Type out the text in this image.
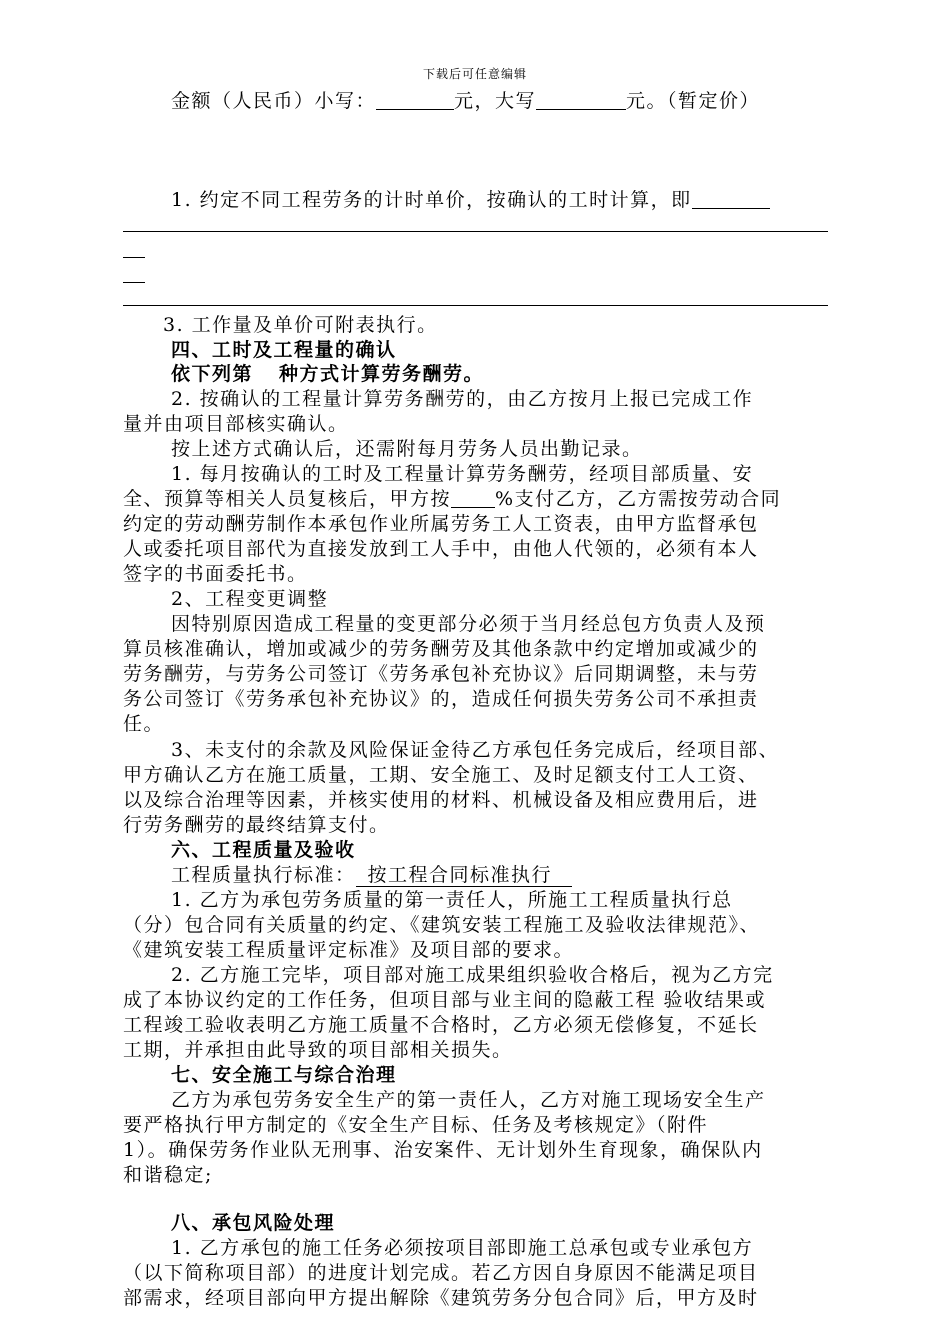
下载后可任意编辑
金额（人民币）小写：	元，大写	元。（暂定价）
1. 约定不同工程劳务的计时单价，按确认的工时计算，即
3. 工作量及单价可附表执行。
四、工时及工程量的确认
依下列第 种方式计算劳务酬劳。
2. 按确认的工程量计算劳务酬劳的，由乙方按月上报已完成工作
量并由项目部核实确认。
按上述方式确认后，还需附每月劳务人员出勤记录。
1. 每月按确认的工时及工程量计算劳务酬劳，经项目部质量、安
全、预算等相关人员复核后，甲方按 %支付乙方，乙方需按劳动合同
约定的劳动酬劳制作本承包作业所属劳务工人工资表，由甲方监督承包
人或委托项目部代为直接发放到工人手中，由他人代领的，必须有本人
签字的书面委托书。
2、工程变更调整
因特别原因造成工程量的变更部分必须于当月经总包方负责人及预
算员核准确认，增加或减少的劳务酬劳及其他条款中约定增加或减少的
劳务酬劳，与劳务公司签订《劳务承包补充协议》后同期调整，未与劳
务公司签订《劳务承包补充协议》的，造成任何损失劳务公司不承担责
任。
3、未支付的余款及风险保证金待乙方承包任务完成后，经项目部、
甲方确认乙方在施工质量，工期、安全施工、及时足额支付工人工资、
以及综合治理等因素，并核实使用的材料、机械设备及相应费用后，进
行劳务酬劳的最终结算支付。
六、工程质量及验收
工程质量执行标准： 按工程合同标准执行
1. 乙方为承包劳务质量的第一责任人，所施工工程质量执行总
（分）包合同有关质量的约定、《建筑安装工程施工及验收法律规范》、
《建筑安装工程质量评定标准》及项目部的要求。
2. 乙方施工完毕，项目部对施工成果组织验收合格后，视为乙方完
成了本协议约定的工作任务，但项目部与业主间的隐蔽工程 验收结果或
工程竣工验收表明乙方施工质量不合格时，乙方必须无偿修复，不延长
工期，并承担由此导致的项目部相关损失。
七、安全施工与综合治理
乙方为承包劳务安全生产的第一责任人，乙方对施工现场安全生产
要严格执行甲方制定的《安全生产目标、任务及考核规定》（附件
1）。确保劳务作业队无刑事、治安案件、无计划外生育现象，确保队内
和谐稳定;
八、承包风险处理
1. 乙方承包的施工任务必须按项目部即施工总承包或专业承包方
（以下简称项目部）的进度计划完成。若乙方因自身原因不能满足项目
部需求，经项目部向甲方提出解除《建筑劳务分包合同》后，甲方及时
